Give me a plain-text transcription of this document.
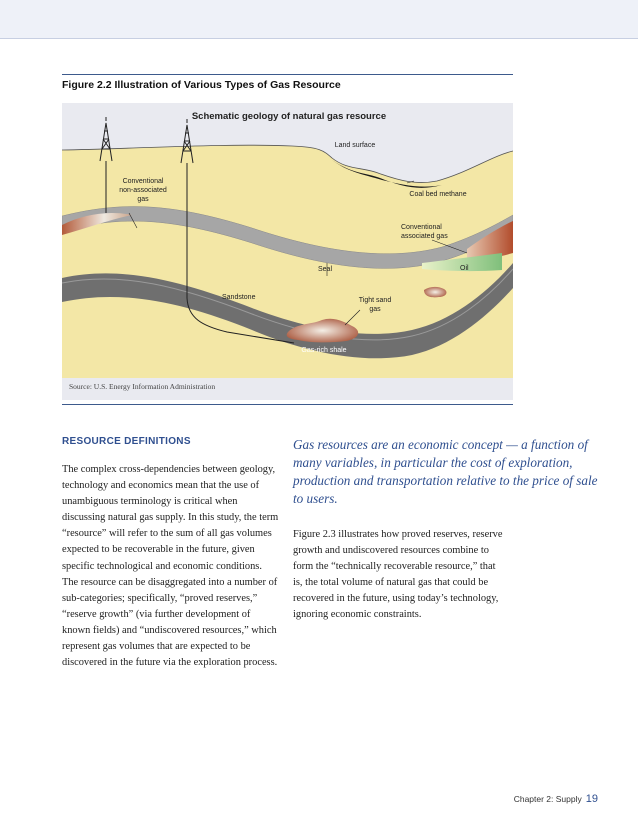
Figure 2.2 Illustration of Various Types of Gas Resource
Schematic geology of natural gas resource
Land surface
Conventional
non-associated
gas
Coal bed methane
Conventional
associated gas
Oil
Seal
Sandstone	Tight sand
gas
Gas-rich shale
Source: U.S. Energy Information Administration
RESOURCE DEFINITIONS

The complex cross-dependencies between geology, technology and economics mean that the use of unambiguous terminology is critical when discussing natural gas supply. In this study, the term “resource” will refer to the sum of all gas volumes expected to be recoverable in the future, given specific technological and economic conditions. The resource can be disaggregated into a number of sub-categories; specifically, “proved reserves,” “reserve growth” (via further development of known fields) and “undiscovered resources,” which represent gas volumes that are expected to be discovered in the future via the exploration process.

Gas resources are an economic concept — a function of many variables, in particular the cost of exploration, production and transportation relative to the price of sale to users.

Figure 2.3 illustrates how proved reserves, reserve growth and undiscovered resources combine to form the “technically recoverable resource,” that is, the total volume of natural gas that could be recovered in the future, using today’s technology, ignoring economic constraints.

Chapter 2: Supply 19
